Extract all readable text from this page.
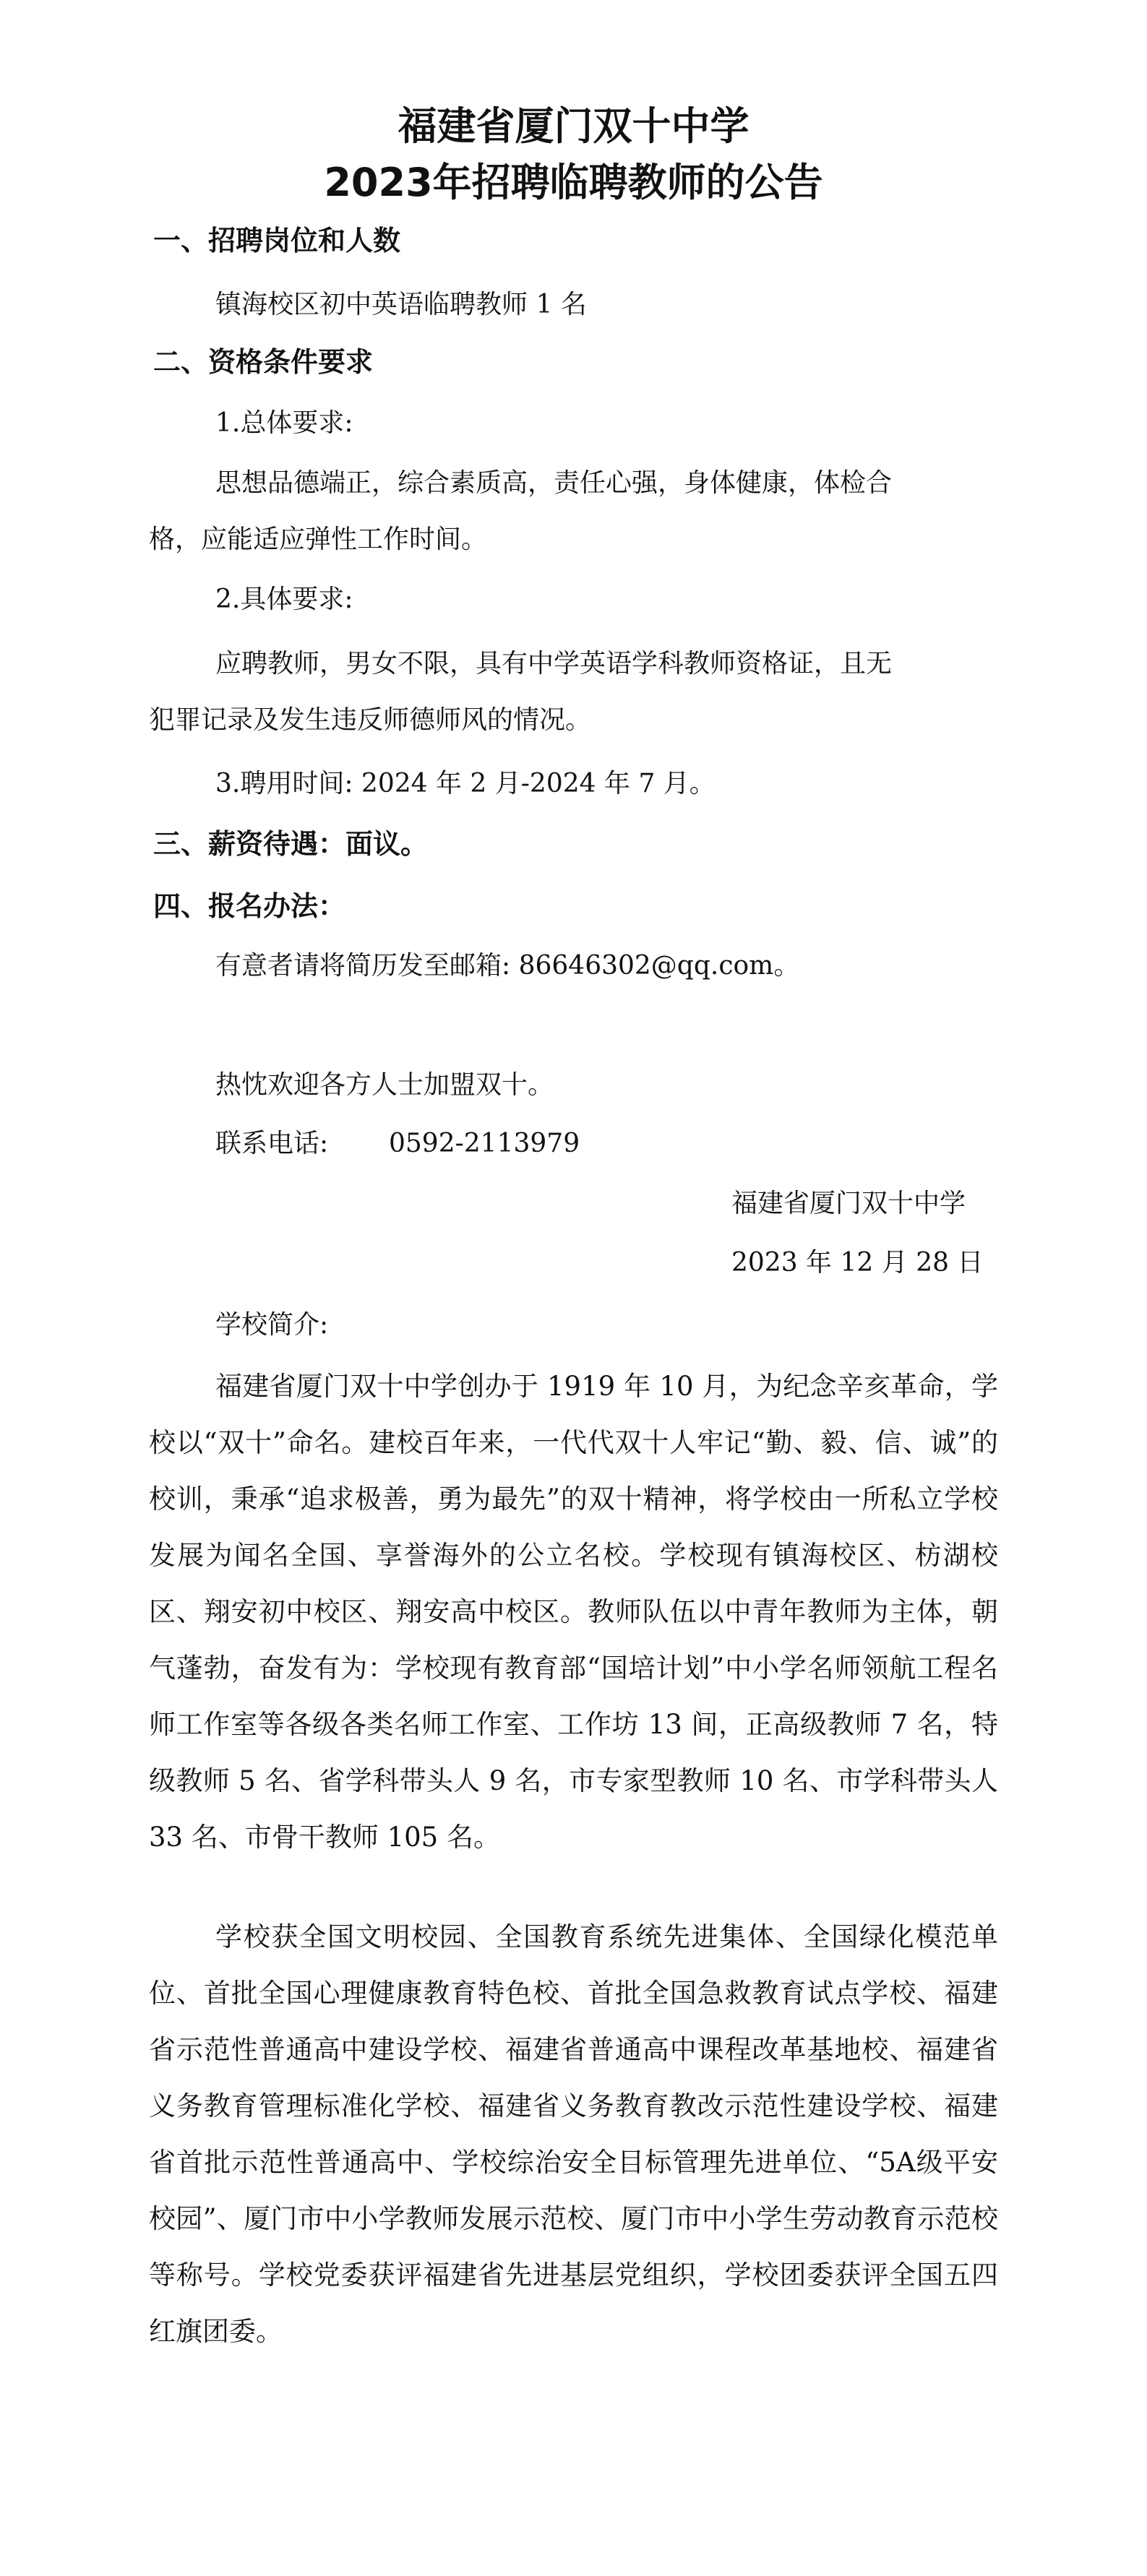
福建省厦门双十中学
2023年招聘临聘教师的公告
一、招聘岗位和人数
镇海校区初中英语临聘教师 1 名
二、资格条件要求
1.总体要求:
思想品德端正，综合素质高，责任心强，身体健康，体检合
格，应能适应弹性工作时间。
2.具体要求:
应聘教师，男女不限，具有中学英语学科教师资格证，且无
犯罪记录及发生违反师德师风的情况。
3.聘用时间: 2024 年 2 月-2024 年 7 月。
三、薪资待遇：面议。
四、报名办法：
有意者请将简历发至邮箱: 86646302@qq.com。
热忱欢迎各方人士加盟双十。
联系电话: 0592-2113979
福建省厦门双十中学
2023 年 12 月 28 日
学校简介:

福建省厦门双十中学创办于 1919 年 10 月，为纪念辛亥革命，学校以“双十”命名。建校百年来，一代代双十人牢记“勤、毅、信、诚”的校训，秉承“追求极善，勇为最先”的双十精神，将学校由一所私立学校发展为闻名全国、享誉海外的公立名校。学校现有镇海校区、枋湖校区、翔安初中校区、翔安高中校区。教师队伍以中青年教师为主体，朝气蓬勃，奋发有为：学校现有教育部“国培计划”中小学名师领航工程名师工作室等各级各类名师工作室、工作坊 13 间，正高级教师 7 名，特级教师 5 名、省学科带头人 9 名，市专家型教师 10 名、市学科带头人 33 名、市骨干教师 105 名。

学校获全国文明校园、全国教育系统先进集体、全国绿化模范单位、首批全国心理健康教育特色校、首批全国急救教育试点学校、福建省示范性普通高中建设学校、福建省普通高中课程改革基地校、福建省义务教育管理标准化学校、福建省义务教育教改示范性建设学校、福建省首批示范性普通高中、学校综治安全目标管理先进单位、“5A级平安校园”、厦门市中小学教师发展示范校、厦门市中小学生劳动教育示范校等称号。学校党委获评福建省先进基层党组织，学校团委获评全国五四红旗团委。
